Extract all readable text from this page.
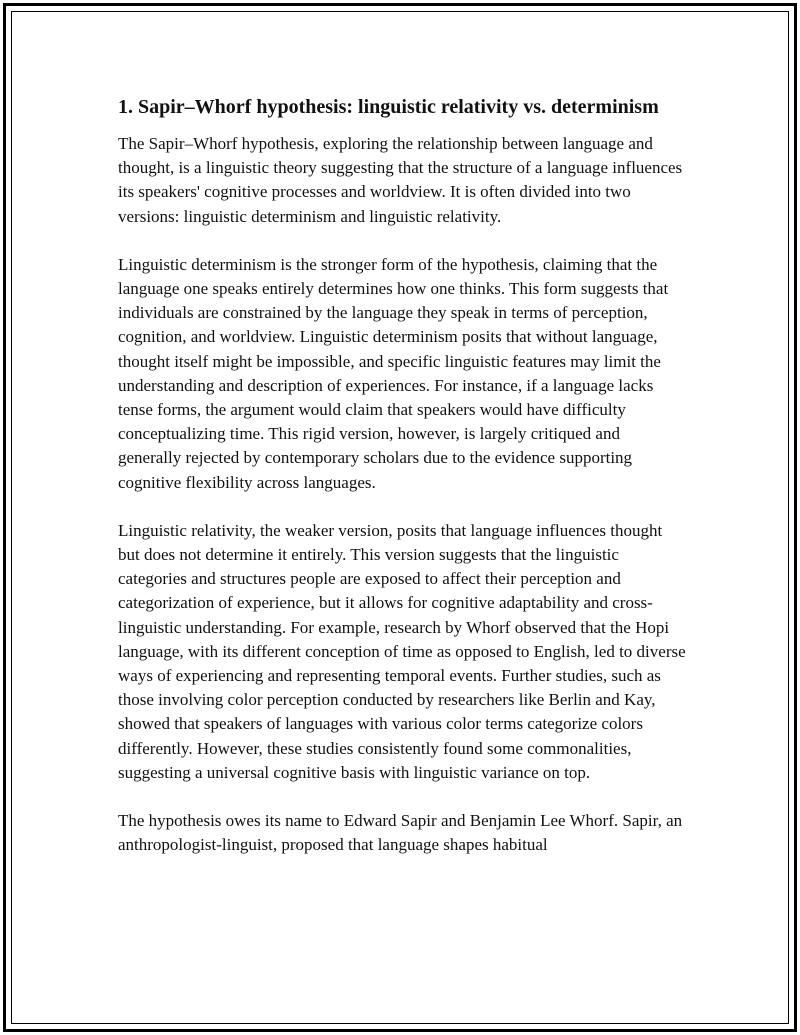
1. Sapir–Whorf hypothesis: linguistic relativity vs. determinism

The Sapir–Whorf hypothesis, exploring the relationship between language and thought, is a linguistic theory suggesting that the structure of a language influences its speakers' cognitive processes and worldview. It is often divided into two versions: linguistic determinism and linguistic relativity.

Linguistic determinism is the stronger form of the hypothesis, claiming that the language one speaks entirely determines how one thinks. This form suggests that individuals are constrained by the language they speak in terms of perception, cognition, and worldview. Linguistic determinism posits that without language, thought itself might be impossible, and specific linguistic features may limit the understanding and description of experiences. For instance, if a language lacks tense forms, the argument would claim that speakers would have difficulty conceptualizing time. This rigid version, however, is largely critiqued and generally rejected by contemporary scholars due to the evidence supporting cognitive flexibility across languages.

Linguistic relativity, the weaker version, posits that language influences thought but does not determine it entirely. This version suggests that the linguistic categories and structures people are exposed to affect their perception and categorization of experience, but it allows for cognitive adaptability and cross-linguistic understanding. For example, research by Whorf observed that the Hopi language, with its different conception of time as opposed to English, led to diverse ways of experiencing and representing temporal events. Further studies, such as those involving color perception conducted by researchers like Berlin and Kay, showed that speakers of languages with various color terms categorize colors differently. However, these studies consistently found some commonalities, suggesting a universal cognitive basis with linguistic variance on top.

The hypothesis owes its name to Edward Sapir and Benjamin Lee Whorf. Sapir, an anthropologist-linguist, proposed that language shapes habitual
